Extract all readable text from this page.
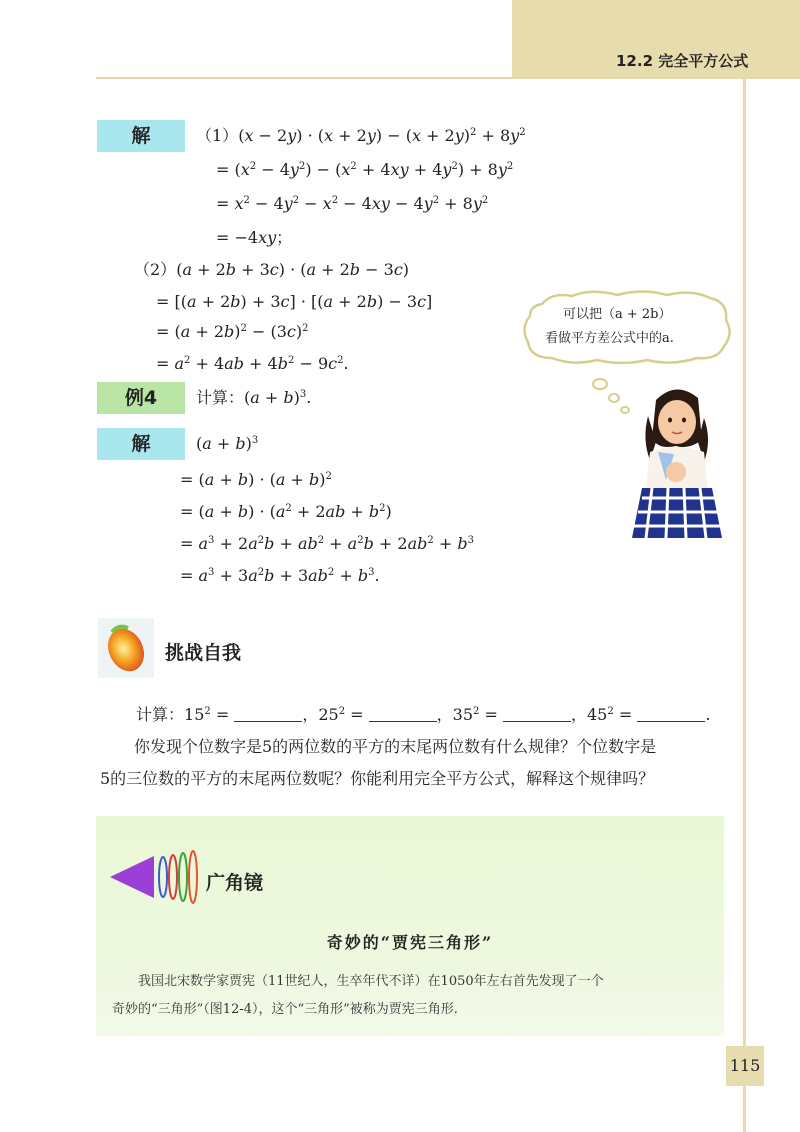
12.2 完全平方公式
解	$(1)(x - 2y) \cdot (x + 2y) - (x + 2y)^2 + 8y^2$
= $(x^2 - 4y^2) - (x^2 + 4xy + 4y^2) + 8y^2$
= $x^2 - 4y^2 - x^2 - 4xy - 4y^2 + 8y^2$
= −4xy；
（2）(a + 2b + 3c) · (a + 2b − 3c)
= [(a + 2b) + 3c] · [(a + 2b) − 3c]
= $(a + 2b)^2 - (3c)^2$
= $a^2 + 4ab + 4b^2 - 9c^2$.
可以把（a + 2b）
看做平方差公式中的a.
例4	计算：$(a + b)^3$.
解	$(a + b)^3$
= $(a + b) \cdot (a + b)^2$
= $(a + b) \cdot (a^2 + 2ab + b^2)$
= $a^3 + 2a^2b + ab^2 + a^2b + 2ab^2 + b^3$
= $a^3 + 3a^2b + 3ab^2 + b^3$.
挑战自我
计算：$15^2$ =	，$25^2$ =	，$35^2$ =	，$45^2$ =	.
你发现个位数字是5的两位数的平方的末尾两位数有什么规律？个位数字是
5的三位数的平方的末尾两位数呢？你能利用完全平方公式，解释这个规律吗？
广角镜
奇妙的“贾宪三角形”
我国北宋数学家贾宪（11世纪人，生卒年代不详）在1050年左右首先发现了一个
奇妙的“三角形”（图12-4），这个“三角形”被称为贾宪三角形.
115
